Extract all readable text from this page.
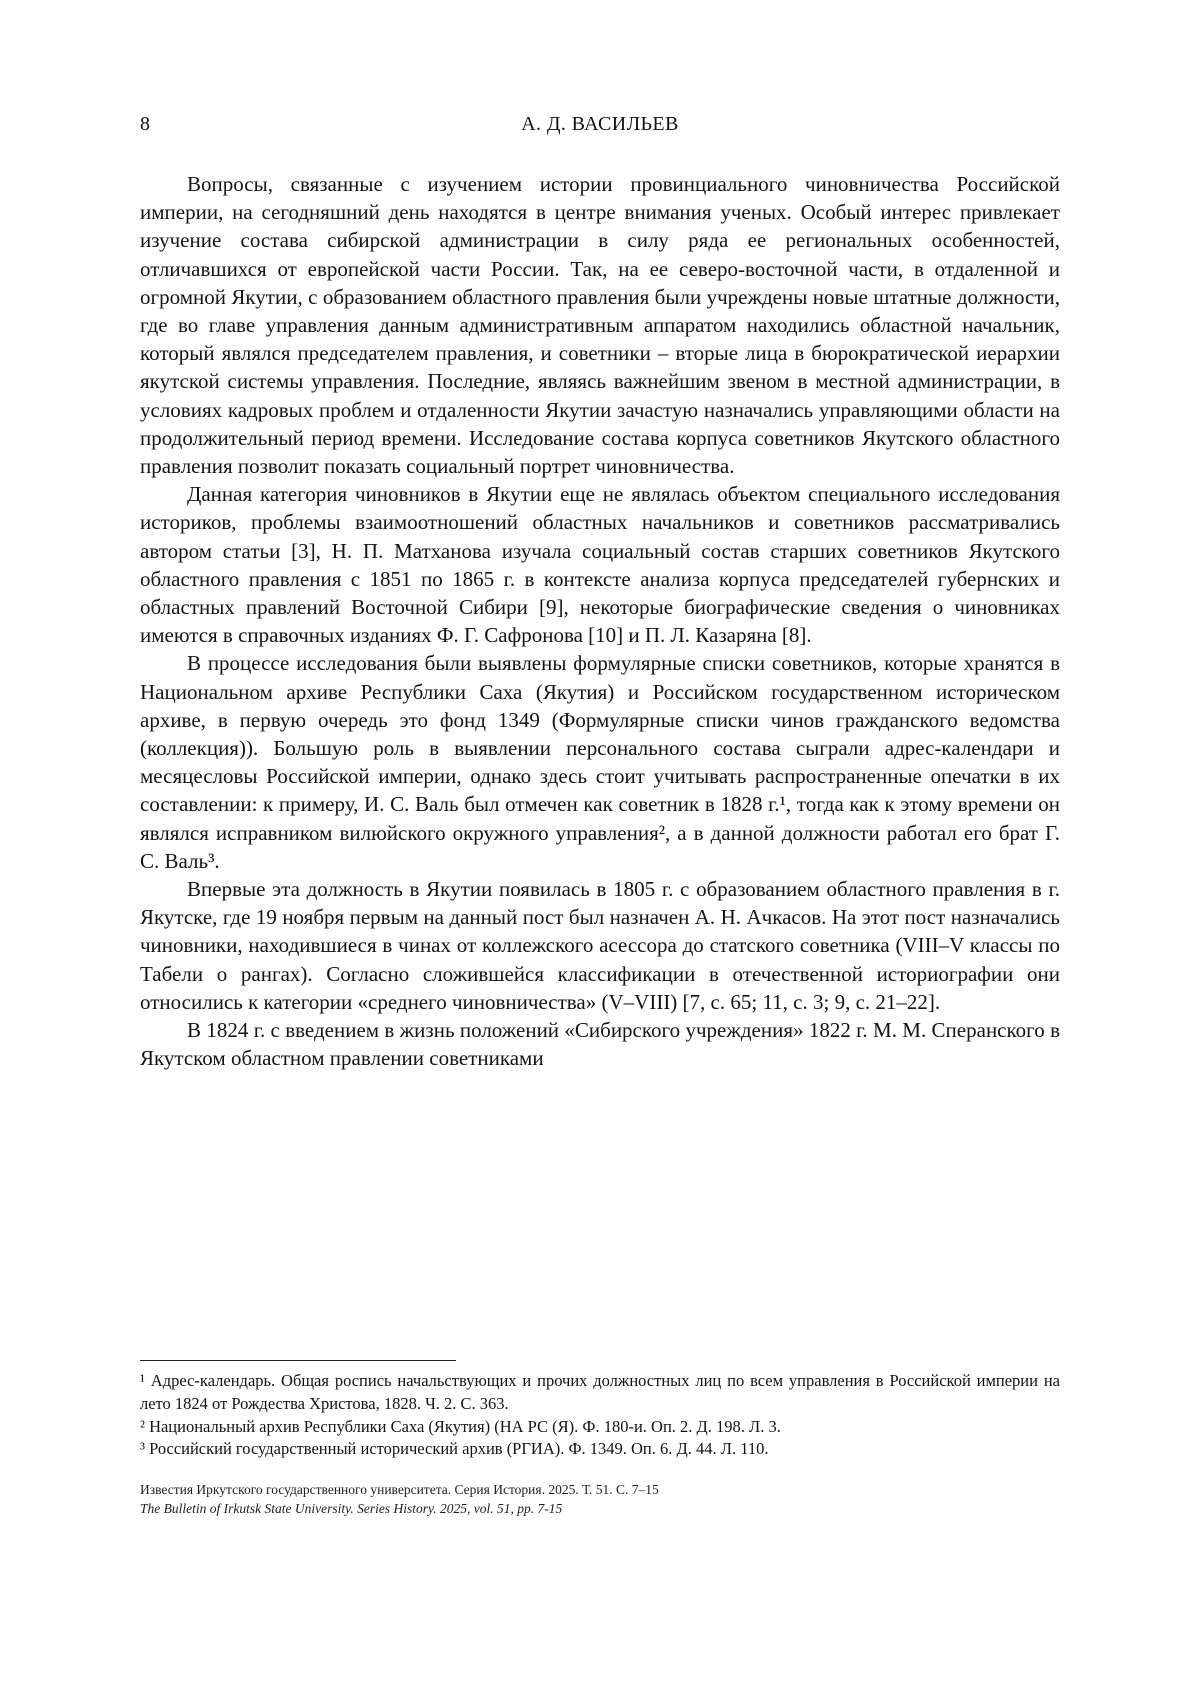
8	А. Д. ВАСИЛЬЕВ

Вопросы, связанные с изучением истории провинциального чиновничества Российской империи, на сегодняшний день находятся в центре внимания ученых. Особый интерес привлекает изучение состава сибирской администрации в силу ряда ее региональных особенностей, отличавшихся от европейской части России. Так, на ее северо-восточной части, в отдаленной и огромной Якутии, с образованием областного правления были учреждены новые штатные должности, где во главе управления данным административным аппаратом находились областной начальник, который являлся председателем правления, и советники – вторые лица в бюрократической иерархии якутской системы управления. Последние, являясь важнейшим звеном в местной администрации, в условиях кадровых проблем и отдаленности Якутии зачастую назначались управляющими области на продолжительный период времени. Исследование состава корпуса советников Якутского областного правления позволит показать социальный портрет чиновничества.

Данная категория чиновников в Якутии еще не являлась объектом специального исследования историков, проблемы взаимоотношений областных начальников и советников рассматривались автором статьи [3], Н. П. Матханова изучала социальный состав старших советников Якутского областного правления с 1851 по 1865 г. в контексте анализа корпуса председателей губернских и областных правлений Восточной Сибири [9], некоторые биографические сведения о чиновниках имеются в справочных изданиях Ф. Г. Сафронова [10] и П. Л. Казаряна [8].

В процессе исследования были выявлены формулярные списки советников, которые хранятся в Национальном архиве Республики Саха (Якутия) и Российском государственном историческом архиве, в первую очередь это фонд 1349 (Формулярные списки чинов гражданского ведомства (коллекция)). Большую роль в выявлении персонального состава сыграли адрес-календари и месяцесловы Российской империи, однако здесь стоит учитывать распространенные опечатки в их составлении: к примеру, И. С. Валь был отмечен как советник в 1828 г.¹, тогда как к этому времени он являлся исправником вилюйского окружного управления², а в данной должности работал его брат Г. С. Валь³.

Впервые эта должность в Якутии появилась в 1805 г. с образованием областного правления в г. Якутске, где 19 ноября первым на данный пост был назначен А. Н. Ачкасов. На этот пост назначались чиновники, находившиеся в чинах от коллежского асессора до статского советника (VIII–V классы по Табели о рангах). Согласно сложившейся классификации в отечественной историографии они относились к категории «среднего чиновничества» (V–VIII) [7, с. 65; 11, с. 3; 9, с. 21–22].

В 1824 г. с введением в жизнь положений «Сибирского учреждения» 1822 г. М. М. Сперанского в Якутском областном правлении советниками

¹ Адрес-календарь. Общая роспись начальствующих и прочих должностных лиц по всем управления в Российской империи на лето 1824 от Рождества Христова, 1828. Ч. 2. С. 363.

² Национальный архив Республики Саха (Якутия) (НА РС (Я). Ф. 180-и. Оп. 2. Д. 198. Л. 3.

³ Российский государственный исторический архив (РГИА). Ф. 1349. Оп. 6. Д. 44. Л. 110.

Известия Иркутского государственного университета. Серия История. 2025. Т. 51. С. 7–15

The Bulletin of Irkutsk State University. Series History. 2025, vol. 51, pp. 7-15
